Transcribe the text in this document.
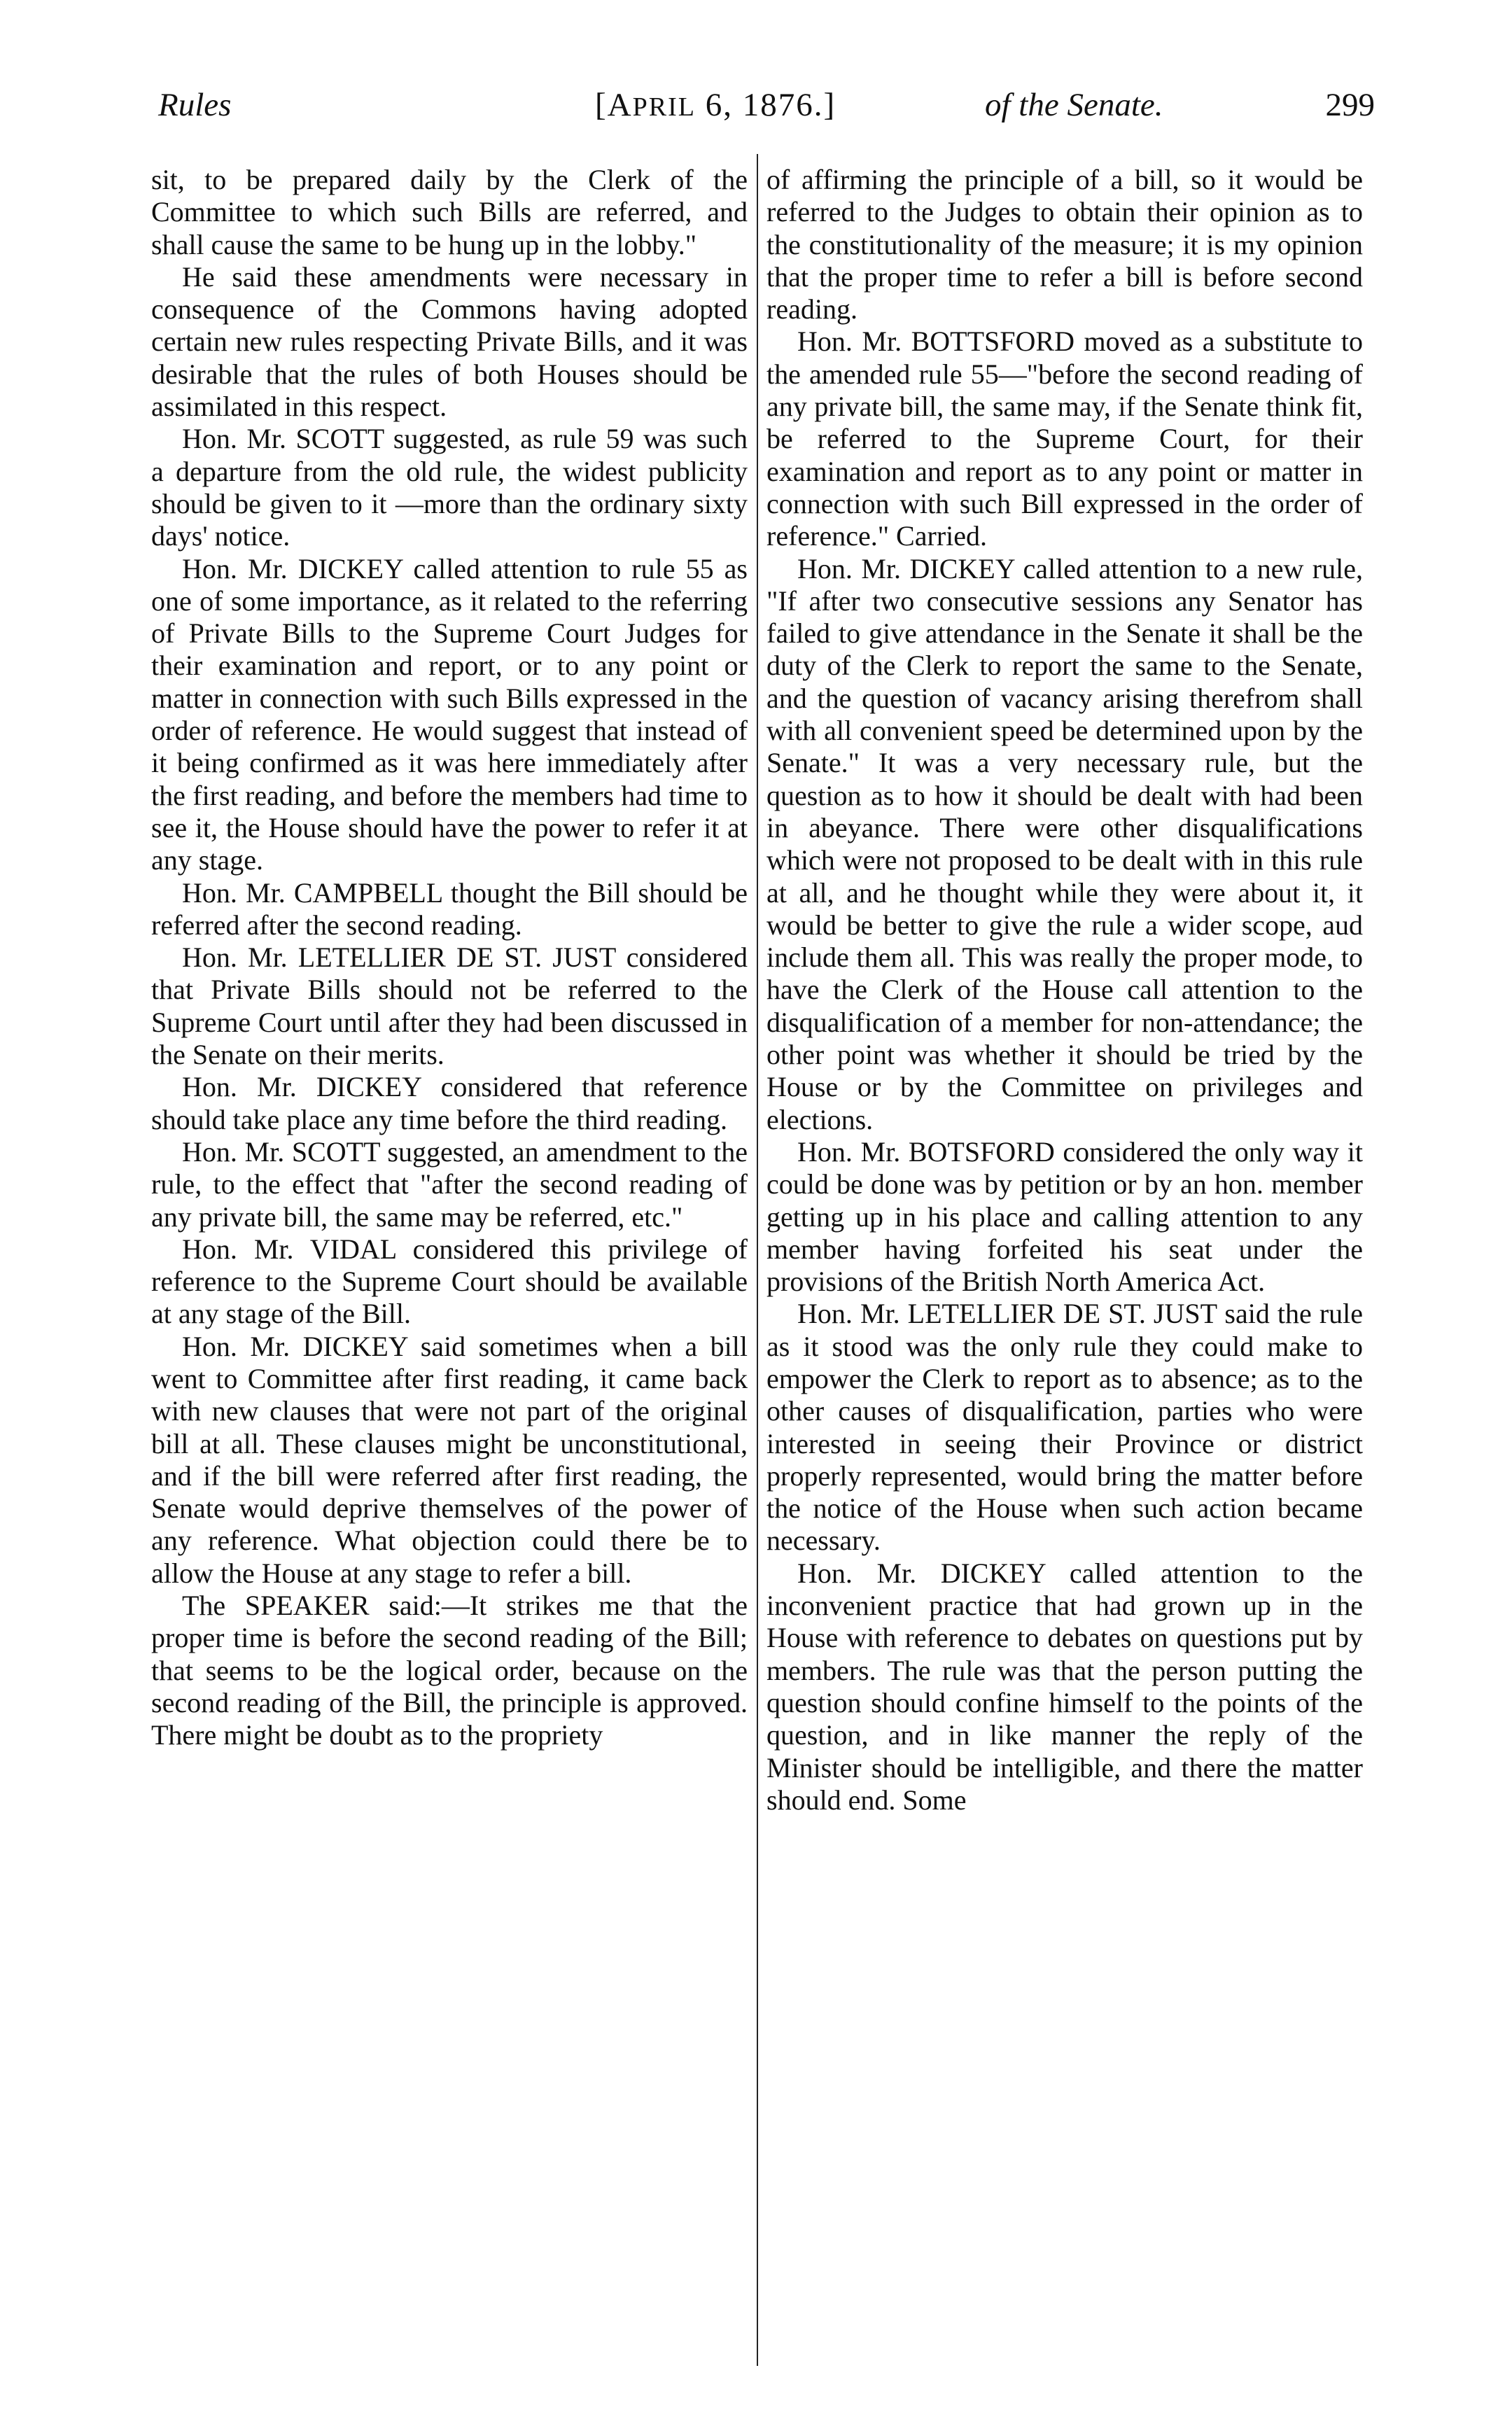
Rules	[APRIL 6, 1876.]	of the Senate.	299

sit, to be prepared daily by the Clerk of the Committee to which such Bills are referred, and shall cause the same to be hung up in the lobby."

He said these amendments were necessary in consequence of the Commons having adopted certain new rules respecting Private Bills, and it was desirable that the rules of both Houses should be assimilated in this respect.

Hon. Mr. SCOTT suggested, as rule 59 was such a departure from the old rule, the widest publicity should be given to it —more than the ordinary sixty days' notice.

Hon. Mr. DICKEY called attention to rule 55 as one of some importance, as it related to the referring of Private Bills to the Supreme Court Judges for their examination and report, or to any point or matter in connection with such Bills expressed in the order of reference. He would suggest that instead of it being confirmed as it was here immediately after the first reading, and before the members had time to see it, the House should have the power to refer it at any stage.

Hon. Mr. CAMPBELL thought the Bill should be referred after the second reading.

Hon. Mr. LETELLIER DE ST. JUST considered that Private Bills should not be referred to the Supreme Court until after they had been discussed in the Senate on their merits.

Hon. Mr. DICKEY considered that reference should take place any time before the third reading.

Hon. Mr. SCOTT suggested, an amendment to the rule, to the effect that "after the second reading of any private bill, the same may be referred, etc."

Hon. Mr. VIDAL considered this privilege of reference to the Supreme Court should be available at any stage of the Bill.

Hon. Mr. DICKEY said sometimes when a bill went to Committee after first reading, it came back with new clauses that were not part of the original bill at all. These clauses might be unconstitutional, and if the bill were referred after first reading, the Senate would deprive themselves of the power of any reference. What objection could there be to allow the House at any stage to refer a bill.

The SPEAKER said:—It strikes me that the proper time is before the second reading of the Bill; that seems to be the logical order, because on the second reading of the Bill, the principle is approved. There might be doubt as to the propriety

of affirming the principle of a bill, so it would be referred to the Judges to obtain their opinion as to the constitutionality of the measure; it is my opinion that the proper time to refer a bill is before second reading.

Hon. Mr. BOTTSFORD moved as a substitute to the amended rule 55—"before the second reading of any private bill, the same may, if the Senate think fit, be referred to the Supreme Court, for their examination and report as to any point or matter in connection with such Bill expressed in the order of reference." Carried.

Hon. Mr. DICKEY called attention to a new rule, "If after two consecutive sessions any Senator has failed to give attendance in the Senate it shall be the duty of the Clerk to report the same to the Senate, and the question of vacancy arising therefrom shall with all convenient speed be determined upon by the Senate." It was a very necessary rule, but the question as to how it should be dealt with had been in abeyance. There were other disqualifications which were not proposed to be dealt with in this rule at all, and he thought while they were about it, it would be better to give the rule a wider scope, aud include them all. This was really the proper mode, to have the Clerk of the House call attention to the disqualification of a member for non-attendance; the other point was whether it should be tried by the House or by the Committee on privileges and elections.

Hon. Mr. BOTSFORD considered the only way it could be done was by petition or by an hon. member getting up in his place and calling attention to any member having forfeited his seat under the provisions of the British North America Act.

Hon. Mr. LETELLIER DE ST. JUST said the rule as it stood was the only rule they could make to empower the Clerk to report as to absence; as to the other causes of disqualification, parties who were interested in seeing their Province or district properly represented, would bring the matter before the notice of the House when such action became necessary.

Hon. Mr. DICKEY called attention to the inconvenient practice that had grown up in the House with reference to debates on questions put by members. The rule was that the person putting the question should confine himself to the points of the question, and in like manner the reply of the Minister should be intelligible, and there the matter should end. Some
